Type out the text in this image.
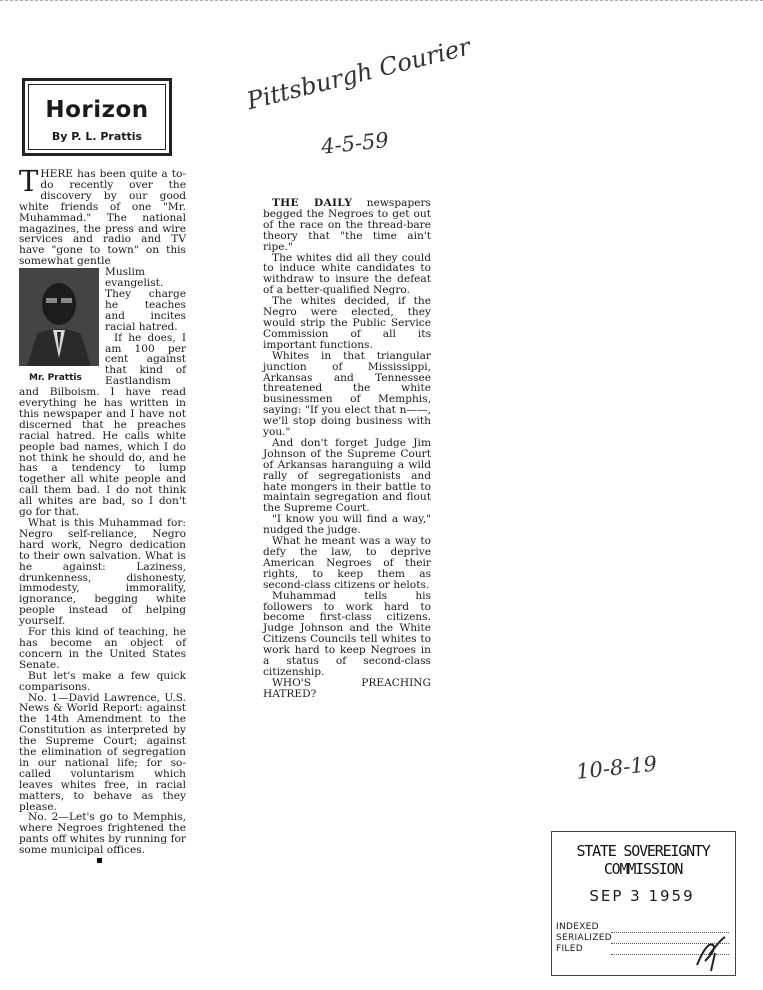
Horizon
By P. L. Prattis
Pittsburgh Courier
4-5-59
10-8-19

THERE has been quite a to-do recently over the discovery by our good white friends of one "Mr. Muhammad." The national magazines, the press and wire services and radio and TV have "gone to town" on this somewhat gentle

Mr. Prattis
Muslim evangelist. They charge he teaches and incites racial hatred.

If he does, I am 100 per cent against that kind of Eastlandism and Bilboism. I have read everything he has written in this newspaper and I have not discerned that he preaches racial hatred. He calls white people bad names, which I do not think he should do, and he has a tendency to lump together all white people and call them bad. I do not think all whites are bad, so I don't go for that.

What is this Muhammad for: Negro self-reliance, Negro hard work, Negro dedication to their own salvation. What is he against: Laziness, drunkenness, dishonesty, immodesty, immorality, ignorance, begging white people instead of helping yourself.

For this kind of teaching, he has become an object of concern in the United States Senate.

But let's make a few quick comparisons.

No. 1—David Lawrence, U.S. News & World Report: against the 14th Amendment to the Constitution as interpreted by the Supreme Court; against the elimination of segregation in our national life; for so-called voluntarism which leaves whites free, in racial matters, to behave as they please.

No. 2—Let's go to Memphis, where Negroes frightened the pants off whites by running for some municipal offices.

THE DAILY newspapers begged the Negroes to get out of the race on the thread-bare theory that "the time ain't ripe."

The whites did all they could to induce white candidates to withdraw to insure the defeat of a better-qualified Negro.

The whites decided, if the Negro were elected, they would strip the Public Service Commission of all its important functions.

Whites in that triangular junction of Mississippi, Arkansas and Tennessee threatened the white businessmen of Memphis, saying: "If you elect that n——, we'll stop doing business with you."

And don't forget Judge Jim Johnson of the Supreme Court of Arkansas haranguing a wild rally of segregationists and hate mongers in their battle to maintain segregation and flout the Supreme Court.

"I know you will find a way," nudged the judge.

What he meant was a way to defy the law, to deprive American Negroes of their rights, to keep them as second-class citizens or helots.

Muhammad tells his followers to work hard to become first-class citizens. Judge Johnson and the White Citizens Councils tell whites to work hard to keep Negroes in a status of second-class citizenship.

WHO'S PREACHING HATRED?

STATE SOVEREIGNTY COMMISSION
SEP 3 1959
INDEXED
SERIALIZED
FILED
